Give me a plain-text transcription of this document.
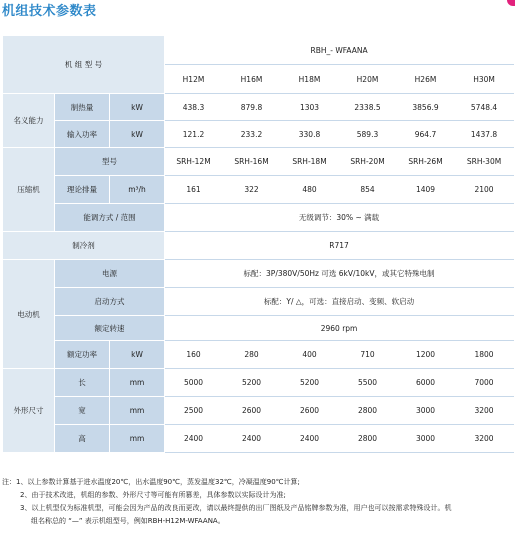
机组技术参数表
机 组 型 号			RBH_- WFAANA					
			H12M	H16M	H18M	H20M	H26M	H30M
名义能力	制热量	kW	438.3	879.8	1303	2338.5	3856.9	5748.4
	输入功率	kW	121.2	233.2	330.8	589.3	964.7	1437.8
压缩机	型号		SRH-12M	SRH-16M	SRH-18M	SRH-20M	SRH-26M	SRH-30M
	理论排量	m³/h	161	322	480	854	1409	2100
	能调方式 / 范围		无级调节：30% ~ 满载					
制冷剂			R717					
电动机	电源		标配：3P/380V/50Hz 可选 6kV/10kV，或其它特殊电制					
	启动方式		标配：Y/ △，可选：直接启动、变频、软启动					
	额定转速		2960 rpm					
	额定功率	kW	160	280	400	710	1200	1800
外形尺寸	长	mm	5000	5200	5200	5500	6000	7000
	宽	mm	2500	2600	2600	2800	3000	3200
	高	mm	2400	2400	2400	2800	3000	3200
注：1、以上参数计算基于进水温度20℃，出水温度90℃，蒸发温度32℃，冷凝温度90℃计算;
2、由于技术改进，机组的参数、外形尺寸等可能有所篡差，具体参数以实际设计为准;
3、以上机型仅为标准机型，可能会因为产品的改良而更改，请以最终提供的出厂图纸及产品铭牌参数为准，用户也可以按需求特殊设计。机
组名称总的 “—” 表示机组型号，例如RBH-H12M-WFAANA。
